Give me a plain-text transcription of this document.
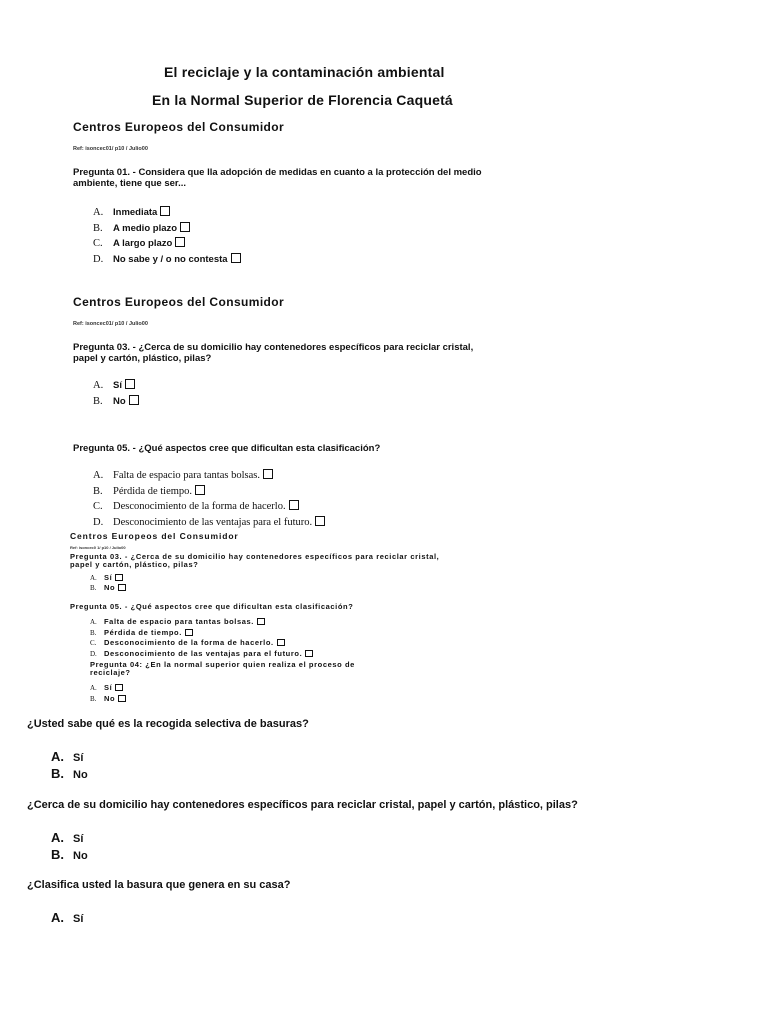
El reciclaje y la contaminación ambiental
En la Normal Superior de Florencia Caquetá
Centros Europeos del Consumidor
Ref: isoncec01/ p10 / Julio00
Pregunta 01. - Considera que lla adopción de medidas en cuanto a la protección del medio
ambiente, tiene que ser...
A. Inmediata
B. A medio plazo
C. A largo plazo
D. No sabe y / o no contesta
Centros Europeos del Consumidor
Ref: isoncec01/ p10 / Julio00
Pregunta 03. - ¿Cerca de su domicilio hay contenedores específicos para reciclar cristal,
papel y cartón, plástico, pilas?
A. Sí
B. No
Pregunta 05. - ¿Qué aspectos cree que dificultan esta clasificación?
A. Falta de espacio para tantas bolsas.
B. Pérdida de tiempo.
C. Desconocimiento de la forma de hacerlo.
D. Desconocimiento de las ventajas para el futuro.
Centros Europeos del Consumidor
Ref: isoncec0 1/ p10 / Julio00
Pregunta 03. - ¿Cerca de su domicilio hay contenedores específicos para reciclar cristal,
papel y cartón, plástico, pilas?
A. Sí
B. No
Pregunta 05. - ¿Qué aspectos cree que dificultan esta clasificación?
A. Falta de espacio para tantas bolsas.
B. Pérdida de tiempo.
C. Desconocimiento de la forma de hacerlo.
D. Desconocimiento de las ventajas para el futuro.
Pregunta 04: ¿En la normal superior quien realiza el proceso de
reciclaje?
A. Sí
B. No
¿Usted sabe qué es la recogida selectiva de basuras?
A. Sí
B. No
¿Cerca de su domicilio hay contenedores específicos para reciclar cristal, papel y cartón, plástico, pilas?
A. Sí
B. No
¿Clasifica usted la basura que genera en su casa?
A. Sí
